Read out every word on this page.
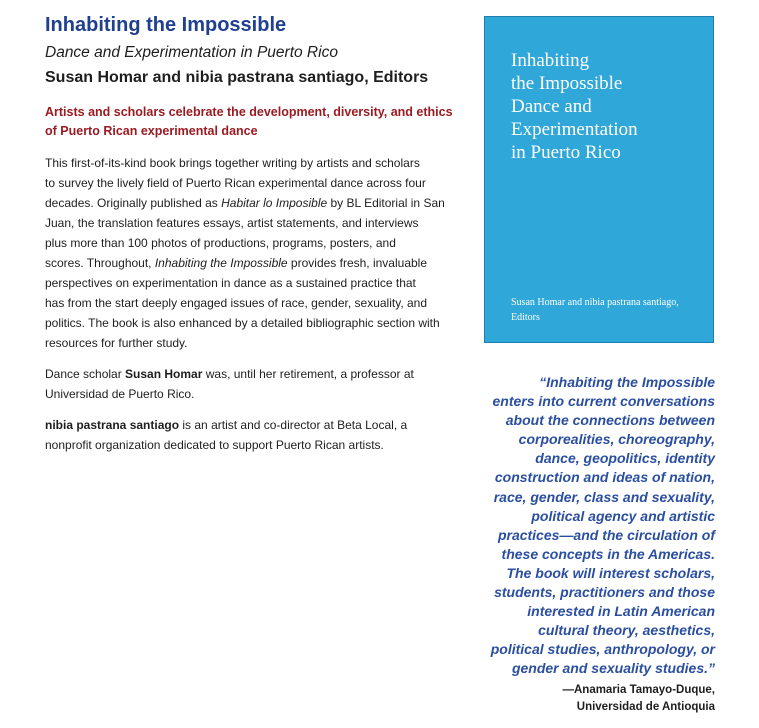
Inhabiting the Impossible

Dance and Experimentation in Puerto Rico

Susan Homar and nibia pastrana santiago, Editors

Artists and scholars celebrate the development, diversity, and ethics of Puerto Rican experimental dance

This first-of-its-kind book brings together writing by artists and scholars
to survey the lively field of Puerto Rican experimental dance across four
decades. Originally published as Habitar lo Imposible by BL Editorial in San
Juan, the translation features essays, artist statements, and interviews
plus more than 100 photos of productions, programs, posters, and
scores. Throughout, Inhabiting the Impossible provides fresh, invaluable
perspectives on experimentation in dance as a sustained practice that
has from the start deeply engaged issues of race, gender, sexuality, and
politics. The book is also enhanced by a detailed bibliographic section with
resources for further study.

Dance scholar Susan Homar was, until her retirement, a professor at
Universidad de Puerto Rico.

nibia pastrana santiago is an artist and co-director at Beta Local, a
nonprofit organization dedicated to support Puerto Rican artists.

Inhabiting
the Impossible
Dance and
Experimentation
in Puerto Rico
Susan Homar and nibia pastrana santiago,
Editors
“Inhabiting the Impossible
enters into current conversations
about the connections between
corporealities, choreography,
dance, geopolitics, identity
construction and ideas of nation,
race, gender, class and sexuality,
political agency and artistic
practices—and the circulation of
these concepts in the Americas.
The book will interest scholars,
students, practitioners and those
interested in Latin American
cultural theory, aesthetics,
political studies, anthropology, or
gender and sexuality studies.”
—Anamaria Tamayo-Duque,
Universidad de Antioquia
